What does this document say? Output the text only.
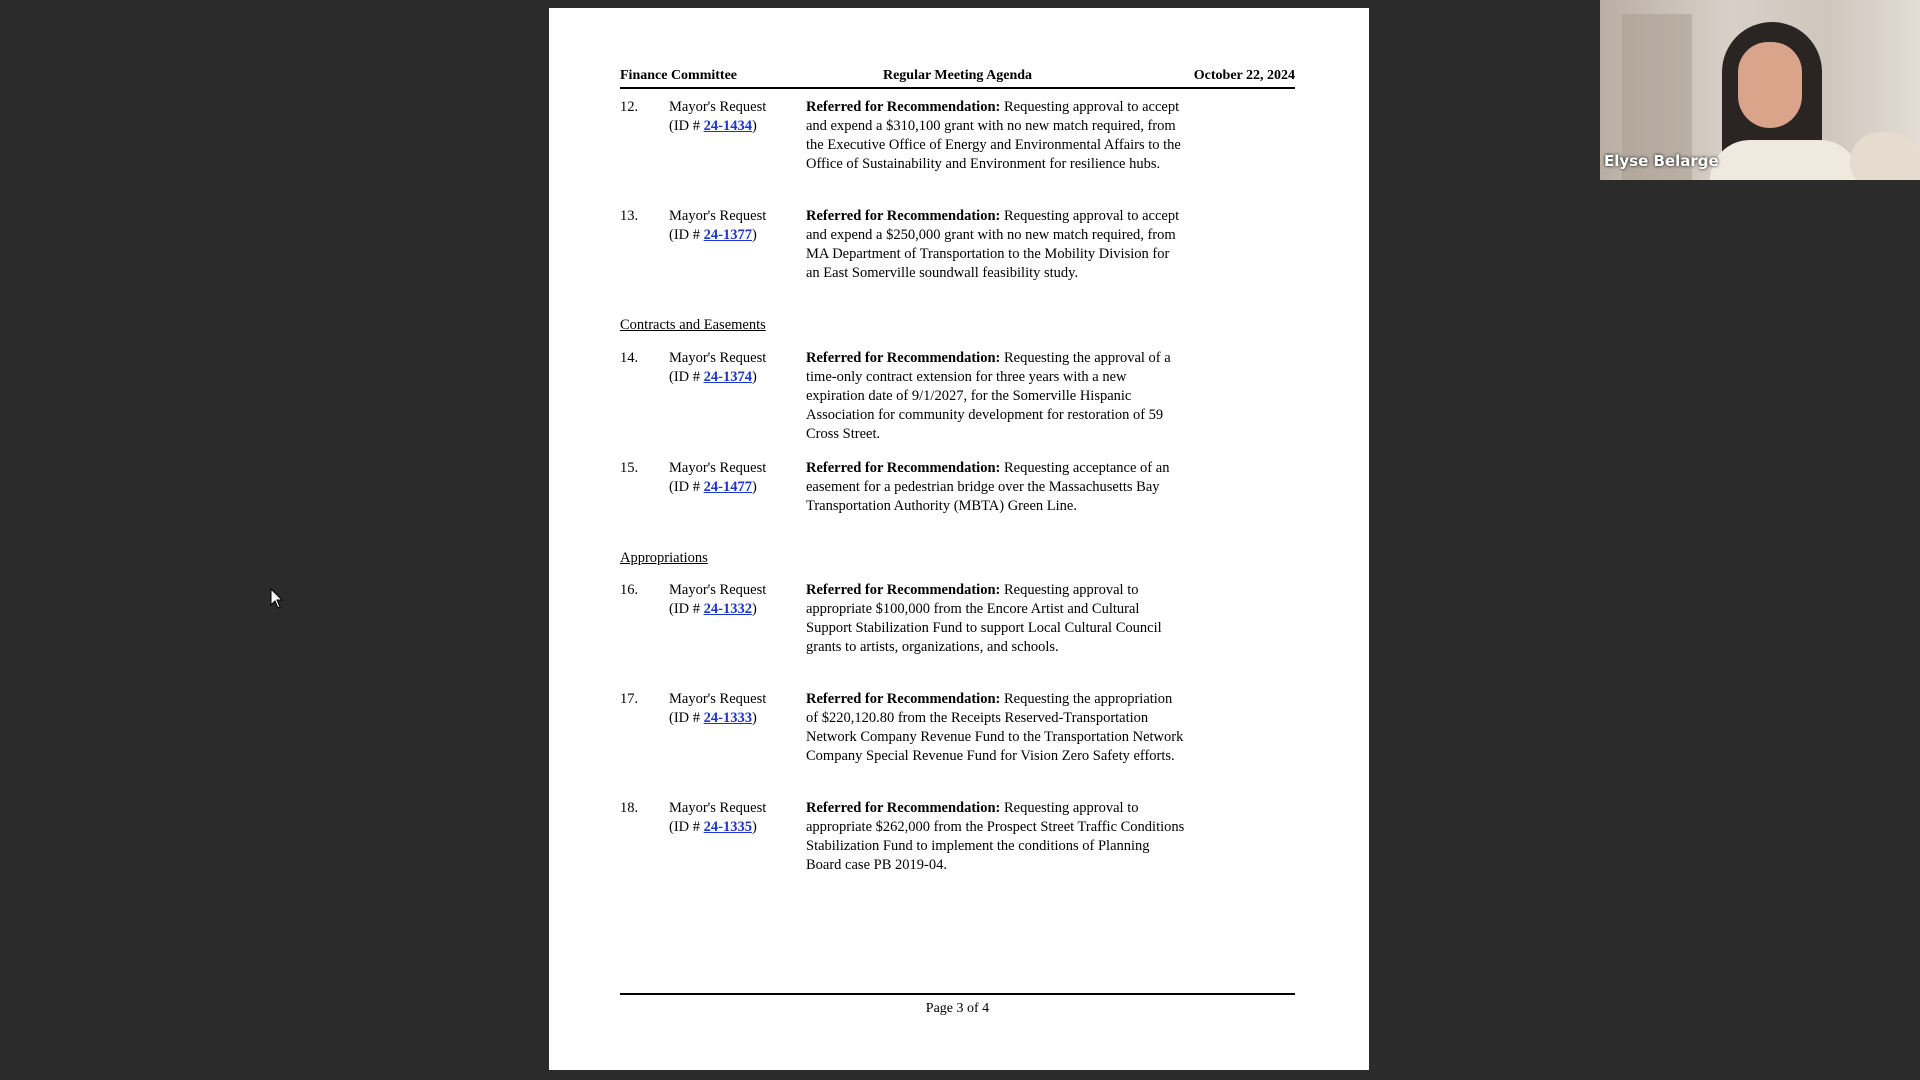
Finance Committee	Regular Meeting Agenda	October 22, 2024
12.	Mayor's Request
(ID # 24-1434)
Referred for Recommendation: Requesting approval to accept and expend a $310,100 grant with no new match required, from the Executive Office of Energy and Environmental Affairs to the Office of Sustainability and Environment for resilience hubs.
13.	Mayor's Request
(ID # 24-1377)
Referred for Recommendation: Requesting approval to accept and expend a $250,000 grant with no new match required, from MA Department of Transportation to the Mobility Division for an East Somerville soundwall feasibility study.

Contracts and Easements

14.	Mayor's Request
(ID # 24-1374)
Referred for Recommendation: Requesting the approval of a time-only contract extension for three years with a new expiration date of 9/1/2027, for the Somerville Hispanic Association for community development for restoration of 59 Cross Street.
15.	Mayor's Request
(ID # 24-1477)
Referred for Recommendation: Requesting acceptance of an easement for a pedestrian bridge over the Massachusetts Bay Transportation Authority (MBTA) Green Line.

Appropriations

16.	Mayor's Request
(ID # 24-1332)
Referred for Recommendation: Requesting approval to appropriate $100,000 from the Encore Artist and Cultural Support Stabilization Fund to support Local Cultural Council grants to artists, organizations, and schools.
17.	Mayor's Request
(ID # 24-1333)
Referred for Recommendation: Requesting the appropriation of $220,120.80 from the Receipts Reserved-Transportation Network Company Revenue Fund to the Transportation Network Company Special Revenue Fund for Vision Zero Safety efforts.
18.	Mayor's Request
(ID # 24-1335)
Referred for Recommendation: Requesting approval to appropriate $262,000 from the Prospect Street Traffic Conditions Stabilization Fund to implement the conditions of Planning Board case PB 2019-04.
Page 3 of 4
Elyse Belarge
